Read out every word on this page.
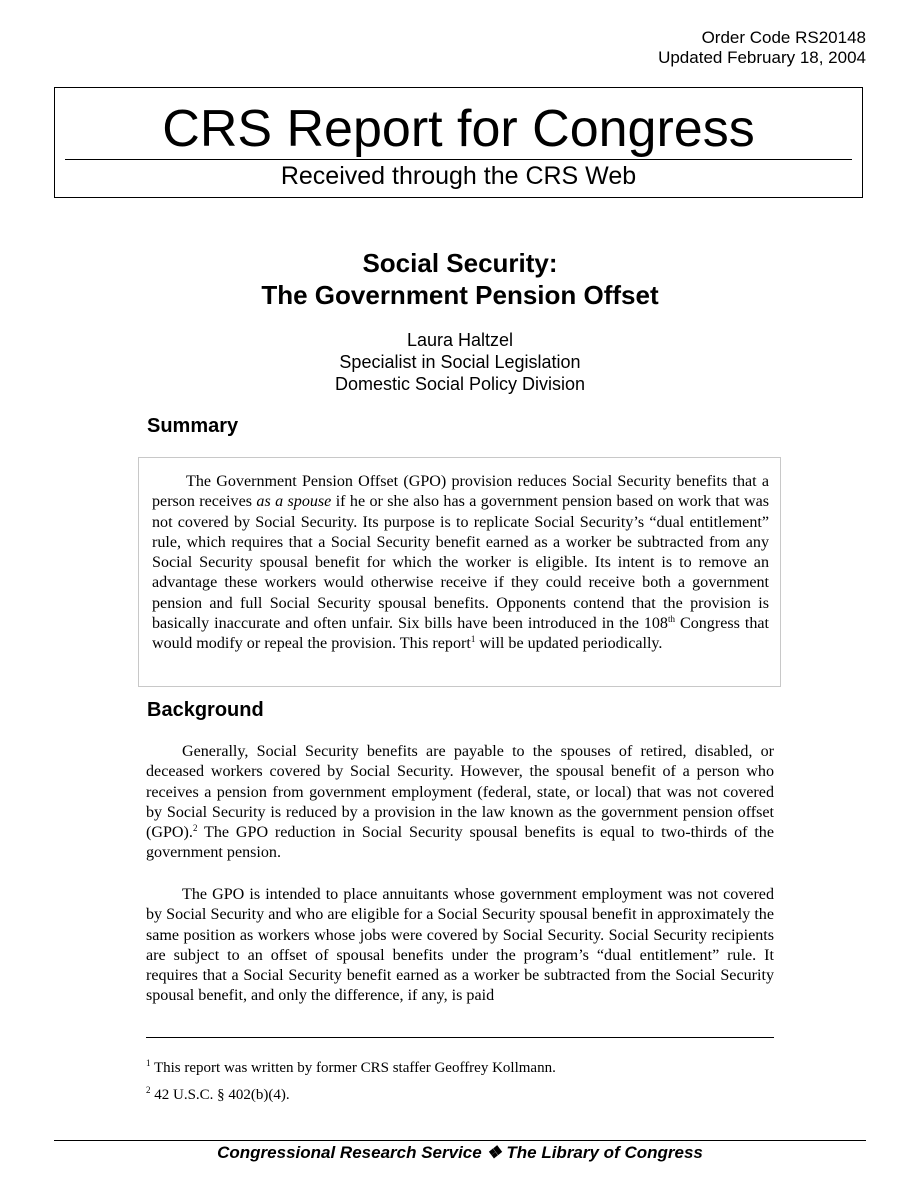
Order Code RS20148
Updated February 18, 2004
CRS Report for Congress
Received through the CRS Web
Social Security:
The Government Pension Offset
Laura Haltzel
Specialist in Social Legislation
Domestic Social Policy Division
Summary
The Government Pension Offset (GPO) provision reduces Social Security benefits that a person receives as a spouse if he or she also has a government pension based on work that was not covered by Social Security. Its purpose is to replicate Social Security’s “dual entitlement” rule, which requires that a Social Security benefit earned as a worker be subtracted from any Social Security spousal benefit for which the worker is eligible. Its intent is to remove an advantage these workers would otherwise receive if they could receive both a government pension and full Social Security spousal benefits. Opponents contend that the provision is basically inaccurate and often unfair. Six bills have been introduced in the 108th Congress that would modify or repeal the provision. This report$^1$ will be updated periodically.
Background
Generally, Social Security benefits are payable to the spouses of retired, disabled, or deceased workers covered by Social Security. However, the spousal benefit of a person who receives a pension from government employment (federal, state, or local) that was not covered by Social Security is reduced by a provision in the law known as the government pension offset (GPO).$^2$ The GPO reduction in Social Security spousal benefits is equal to two-thirds of the government pension.
The GPO is intended to place annuitants whose government employment was not covered by Social Security and who are eligible for a Social Security spousal benefit in approximately the same position as workers whose jobs were covered by Social Security. Social Security recipients are subject to an offset of spousal benefits under the program’s “dual entitlement” rule. It requires that a Social Security benefit earned as a worker be subtracted from the Social Security spousal benefit, and only the difference, if any, is paid
$^1$ This report was written by former CRS staffer Geoffrey Kollmann.
$^2$ 42 U.S.C. § 402(b)(4).
Congressional Research Service ❖ The Library of Congress
